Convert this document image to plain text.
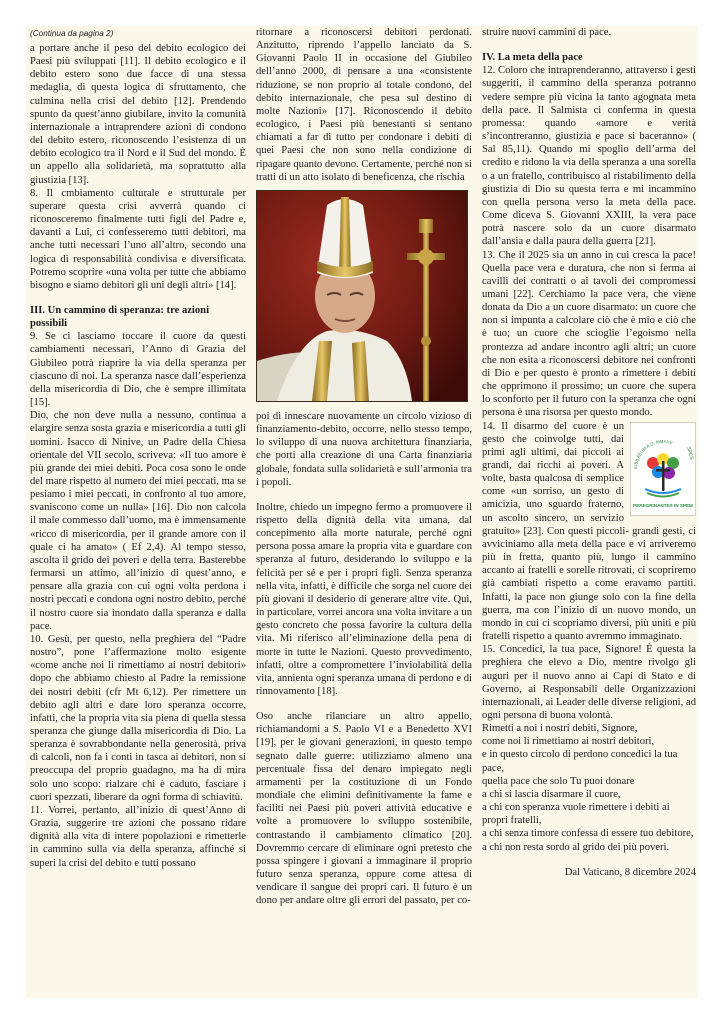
(Continua da pagina 2)

a portare anche il peso del debito ecologico dei Paesi più sviluppati [11]. Il debito ecologico e il debito estero sono due facce di una stessa medaglia, di questa logica di sfruttamento, che culmina nella crisi del debito [12]. Prendendo spunto da quest’anno giubilare, invito la comunità internazionale a intraprendere azioni di condono del debito estero, riconoscendo l’esistenza di un debito ecologico tra il Nord e il Sud del mondo. È un appello alla solidarietà, ma soprattutto alla giustizia [13].

8. Il cmbiamento culturale e strutturale per superare questa crisi avverrà quando ci riconosceremo finalmente tutti figli del Padre e, davanti a Lui, ci confesseremo tutti debitori, ma anche tutti necessari l’uno all’altro, secondo una logica di responsabilità condivisa e diversificata. Potremo scoprire «una volta per tutte che abbiamo bisogno e siamo debitori gli uni degli altri» [14].

III. Un cammino di speranza: tre azioni possibili

9. Se ci lasciamo toccare il cuore da questi cambiamenti necessari, l’Anno di Grazia del Giubileo potrà riaprire la via della speranza per ciascuno di noi. La speranza nasce dall’esperienza della misericordia di Dio, che è sempre illimitata [15].

Dio, che non deve nulla a nessuno, continua a elargire senza sosta grazia e misericordia a tutti gli uomini. Isacco di Ninive, un Padre della Chiesa orientale del VII secolo, scriveva: «Il tuo amore è più grande dei miei debiti. Poca cosa sono le onde del mare rispetto al numero dei miei peccati, ma se pesiamo i miei peccati, in confronto al tuo amore, svaniscono come un nulla» [16]. Dio non calcola il male commesso dall’uomo, ma è immensamente «ricco di misericordia, per il grande amore con il quale ci ha amato» ( Ef 2,4). Al tempo stesso, ascolta il grido dei poveri e della terra. Basterebbe fermarsi un attimo, all’inizio di quest’anno, e pensare alla grazia con cui ogni volta perdona i nostri peccati e condona ogni nostro debito, perché il nostro cuore sia inondato dalla speranza e dalla pace.

10. Gesù, per questo, nella preghiera del “Padre nostro”, pone l’affermazione molto esigente «come anche noi li rimettiamo ai nostri debitori» dopo che abbiamo chiesto al Padre la remissione dei nostri debiti (cfr Mt 6,12). Per rimettere un debito agli altri e dare loro speranza occorre, infatti, che la propria vita sia piena di quella stessa speranza che giunge dalla misericordia di Dio. La speranza è sovrabbondante nella generosità, priva di calcoli, non fa i conti in tasca ai debitori, non si preoccupa del proprio guadagno, ma ha di mira solo uno scopo: rialzare chi è caduto, fasciare i cuori spezzati, liberare da ogni forma di schiavitù.

11. Vorrei, pertanto, all’inizio di quest’Anno di Grazia, suggerire tre azioni che possano ridare dignità alla vita di intere popolazioni e rimetterle in cammino sulla via della speranza, affinché si superi la crisi del debito e tutti possano

ritornare a riconoscersi debitori perdonati. Anzitutto, riprendo l’appello lanciato da S. Giovanni Paolo II in occasione del Giubileo dell’anno 2000, di pensare a una «consistente riduzione, se non proprio al totale condono, del debito internazionale, che pesa sul destino di molte Nazioni» [17]. Riconoscendo il debito ecologico, i Paesi più benestanti si sentano chiamati a far di tutto per condonare i debiti di quei Paesi che non sono nella condizione di ripagare quanto devono. Certamente, perché non si tratti di un atto isolato di beneficenza, che rischia

poi di innescare nuovamente un circolo vizioso di finanziamento-debito, occorre, nello stesso tempo, lo sviluppo di una nuova architettura finanziaria, che porti alla creazione di una Carta finanziaria globale, fondata sulla solidarietà e sull’armonia tra i popoli.

Inoltre, chiedo un impegno fermo a promuovere il rispetto della dignità della vita umana, dal concepimento alla morte naturale, perché ogni persona possa amare la propria vita e guardare con speranza al futuro, desiderando lo sviluppo e la felicità per sé e per i propri figli. Senza speranza nella vita, infatti, è difficile che sorga nel cuore dei più giovani il desiderio di generare altre vite. Qui, in particolare, vorrei ancora una volta invitare a un gesto concreto che possa favorire la cultura della vita. Mi riferisco all’eliminazione della pena di morte in tutte le Nazioni. Questo provvedimento, infatti, oltre a compromettere l’inviolabilità della vita, annienta ogni speranza umana di perdono e di rinnovamento [18].

Oso anche rilanciare un altro appello, richiamandomi a S. Paolo VI e a Benedetto XVI [19], per le giovani generazioni, in questo tempo segnato dalle guerre: utilizziamo almeno una percentuale fissa del denaro impiegato negli armamenti per la costituzione di un Fondo mondiale che elimini definitivamente la fame e faciliti nei Paesi più poveri attività educative e volte a promuovere lo sviluppo sostenibile, contrastando il cambiamento climatico [20]. Dovremmo cercare di eliminare ogni pretesto che possa spingere i giovani a immaginare il proprio futuro senza speranza, oppure come attesa di vendicare il sangue dei propri cari. Il futuro è un dono per andare oltre gli errori del passato, per co-

struire nuovi cammini di pace.

IV. La meta della pace

12. Coloro che intraprenderanno, attraverso i gesti suggeriti, il cammino della speranza potranno vedere sempre più vicina la tanto agognata meta della pace. Il Salmista ci conferma in questa promessa: quando «amore e verità s’incontreranno, giustizia e pace si baceranno» ( Sal 85,11). Quando mi spoglio dell’arma del credito e ridono la via della speranza a una sorella o a un fratello, contribuisco al ristabilimento della giustizia di Dio su questa terra e mi incammino con quella persona verso la meta della pace. Come diceva S. Giovanni XXIII, la vera pace potrà nascere solo da un cuore disarmato dall’ansia e dalla paura della guerra [21].

13. Che il 2025 sia un anno in cui cresca la pace! Quella pace vera e duratura, che non si ferma ai cavilli dei contratti o ai tavoli dei compromessi umani [22]. Cerchiamo la pace vera, che viene donata da Dio a un cuore disarmato: un cuore che non si impunta a calcolare ciò che è mio e ciò che è tuo; un cuore che scioglie l’egoismo nella prontezza ad andare incontro agli altri; un cuore che non esita a riconoscersi debitore nei confronti di Dio e per questo è pronto a rimettere i debiti che opprimono il prossimo; un cuore che supera lo sconforto per il futuro con la speranza che ogni persona è una risorsa per questo mondo.

IUBILAEUM A.D. MMXXV
SPES
PEREGRINANTES IN SPEM

14. Il disarmo del cuore è un gesto che coinvolge tutti, dai primi agli ultimi, dai piccoli ai grandi, dai ricchi ai poveri. A volte, basta qualcosa di semplice come «un sorriso, un gesto di amicizia, uno sguardo fraterno, un ascolto sincero, un servizio gratuito» [23]. Con questi piccoli- grandi gesti, ci avviciniamo alla meta della pace e vi arriveremo più in fretta, quanto più, lungo il cammino accanto ai fratelli e sorelle ritrovati, ci scopriremo già cambiati rispetto a come eravamo partiti. Infatti, la pace non giunge solo con la fine della guerra, ma con l’inizio di un nuovo mondo, un mondo in cui ci scopriamo diversi, più uniti e più fratelli rispetto a quanto avremmo immaginato.

15. Concedici, la tua pace, Signore! È questa la preghiera che elevo a Dio, mentre rivolgo gli auguri per il nuovo anno ai Capi di Stato e di Governo, ai Responsabili delle Organizzazioni internazionali, ai Leader delle diverse religioni, ad ogni persona di buona volontà.

Rimetti a noi i nostri debiti, Signore,

come noi li rimettiamo ai nostri debitori,

e in questo circolo di perdono concedici la tua pace,

quella pace che solo Tu puoi donare

a chi si lascia disarmare il cuore,

a chi con speranza vuole rimettere i debiti ai propri fratelli,

a chi senza timore confessa di essere tuo debitore,

a chi non resta sordo al grido dei più poveri.

Dal Vaticano, 8 dicembre 2024
